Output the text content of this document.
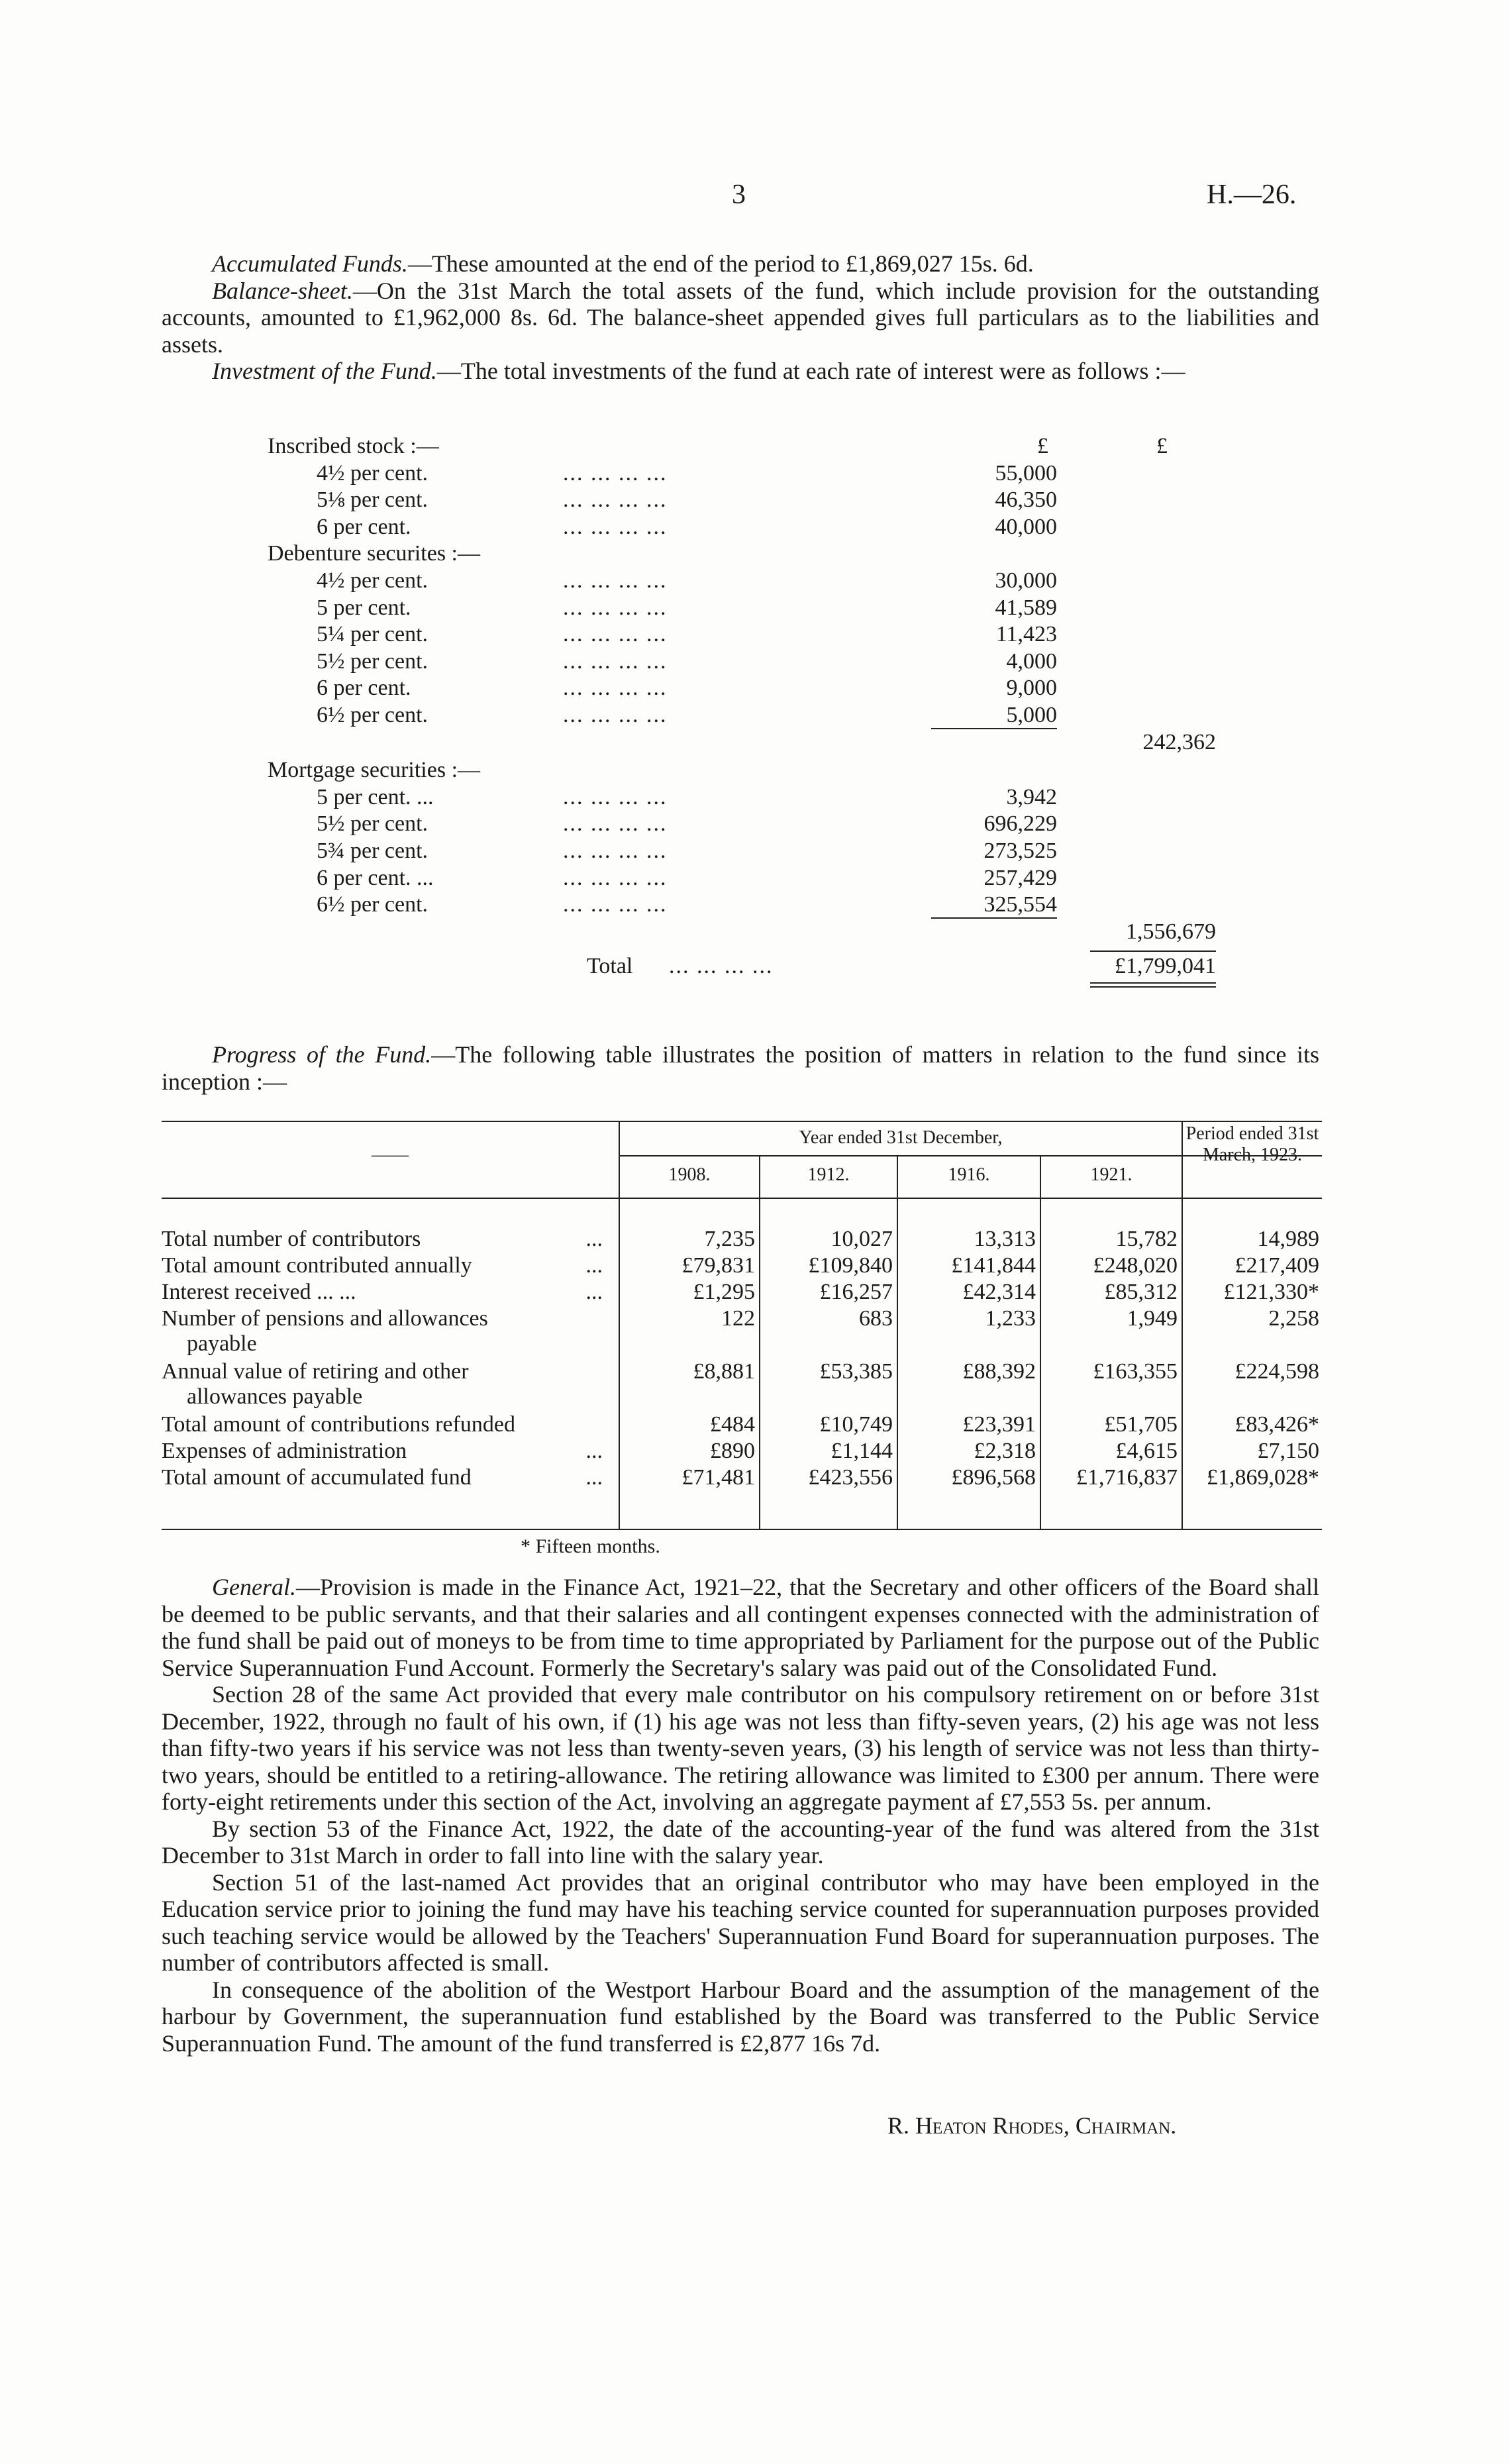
3	H.—26.

Accumulated Funds.—These amounted at the end of the period to £1,869,027 15s. 6d.

Balance-sheet.—On the 31st March the total assets of the fund, which include provision for the outstanding accounts, amounted to £1,962,000 8s. 6d. The balance-sheet appended gives full particulars as to the liabilities and assets.

Investment of the Fund.—The total investments of the fund at each rate of interest were as follows :—

£	£
Inscribed stock :—
4½ per cent.	... ... ... ...	55,000
5⅛ per cent.	... ... ... ...	46,350
6 per cent.	... ... ... ...	40,000
Debenture securites :—
4½ per cent.	... ... ... ...	30,000
5 per cent.	... ... ... ...	41,589
5¼ per cent.	... ... ... ...	11,423
5½ per cent.	... ... ... ...	4,000
6 per cent.	... ... ... ...	9,000
6½ per cent.	... ... ... ...	5,000
242,362
Mortgage securities :—
5 per cent. ...	... ... ... ...	3,942
5½ per cent.	... ... ... ...	696,229
5¾ per cent.	... ... ... ...	273,525
6 per cent. ...	... ... ... ...	257,429
6½ per cent.	... ... ... ...	325,554
1,556,679
Total ... ... ... ...	£1,799,041

Progress of the Fund.—The following table illustrates the position of matters in relation to the fund since its inception :—

——
Year ended 31st December,	Period ended 31st March, 1923.
1908.	1912.	1916.	1921.
Total number of contributors	...	7,235	10,027	13,313	15,782	14,989
Total amount contributed annually	...	£79,831 £109,840	£141,844	£248,020	£217,409
Interest received ... ...	...	£1,295	£16,257	£42,314	£85,312 £121,330*
Number of pensions and allowances
payable
122	683	1,233	1,949	2,258
Annual value of retiring and other
allowances payable
£8,881	£53,385	£88,392	£163,355	£224,598
Total amount of contributions refunded	£484	£10,749	£23,391	£51,705	£83,426*
Expenses of administration	...	£890	£1,144	£2,318	£4,615	£7,150
Total amount of accumulated fund	...	£71,481 £423,556	£896,568 £1,716,837 £1,869,028*
* Fifteen months.

General.—Provision is made in the Finance Act, 1921–22, that the Secretary and other officers of the Board shall be deemed to be public servants, and that their salaries and all contingent expenses connected with the administration of the fund shall be paid out of moneys to be from time to time appropriated by Parliament for the purpose out of the Public Service Superannuation Fund Account. Formerly the Secretary's salary was paid out of the Consolidated Fund.

Section 28 of the same Act provided that every male contributor on his compulsory retirement on or before 31st December, 1922, through no fault of his own, if (1) his age was not less than fifty-seven years, (2) his age was not less than fifty-two years if his service was not less than twenty-seven years, (3) his length of service was not less than thirty-two years, should be entitled to a retiring-allowance. The retiring allowance was limited to £300 per annum. There were forty-eight retirements under this section of the Act, involving an aggregate payment af £7,553 5s. per annum.

By section 53 of the Finance Act, 1922, the date of the accounting-year of the fund was altered from the 31st December to 31st March in order to fall into line with the salary year.

Section 51 of the last-named Act provides that an original contributor who may have been employed in the Education service prior to joining the fund may have his teaching service counted for superannuation purposes provided such teaching service would be allowed by the Teachers' Superannuation Fund Board for superannuation purposes. The number of contributors affected is small.

In consequence of the abolition of the Westport Harbour Board and the assumption of the management of the harbour by Government, the superannuation fund established by the Board was transferred to the Public Service Superannuation Fund. The amount of the fund transferred is £2,877 16s 7d.

R. Heaton Rhodes, Chairman.
